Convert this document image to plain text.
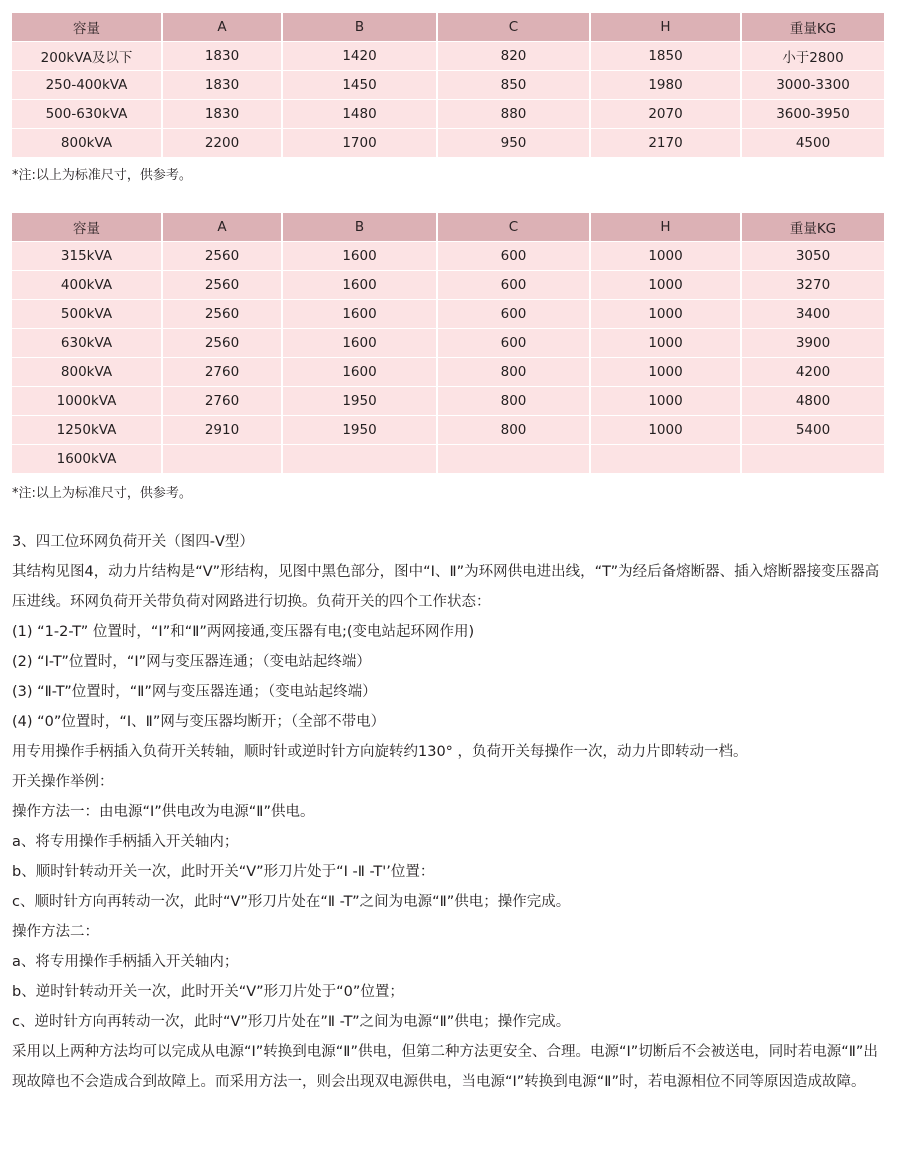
容量	A	B	C	H	重量KG
200kVA及以下	1830	1420	820	1850	小于2800
250-400kVA	1830	1450	850	1980	3000-3300
500-630kVA	1830	1480	880	2070	3600-3950
800kVA	2200	1700	950	2170	4500
*注:以上为标准尺寸，供参考。
容量	A	B	C	H	重量KG
315kVA	2560	1600	600	1000	3050
400kVA	2560	1600	600	1000	3270
500kVA	2560	1600	600	1000	3400
630kVA	2560	1600	600	1000	3900
800kVA	2760	1600	800	1000	4200
1000kVA	2760	1950	800	1000	4800
1250kVA	2910	1950	800	1000	5400
1600kVA					
*注:以上为标准尺寸，供参考。

3、四工位环网负荷开关（图四-V型）

其结构见图4，动力片结构是“V”形结构，见图中黑色部分，图中“Ⅰ、Ⅱ”为环网供电进出线，“T”为经后备熔断器、插入熔断器接变压器高压进线。环网负荷开关带负荷对网路进行切换。负荷开关的四个工作状态：

(1) “1-2-T” 位置时，“Ⅰ”和“Ⅱ”两网接通,变压器有电;(变电站起环网作用)

(2) “Ⅰ-T”位置时，“Ⅰ”网与变压器连通；（变电站起终端）

(3) “Ⅱ-T”位置时，“Ⅱ”网与变压器连通；（变电站起终端）

(4) “0”位置时，“Ⅰ、Ⅱ”网与变压器均断开；（全部不带电）

用专用操作手柄插入负荷开关转轴，顺时针或逆时针方向旋转约130° ，负荷开关每操作一次，动力片即转动一档。

开关操作举例：

操作方法一：由电源“Ⅰ”供电改为电源“Ⅱ”供电。

a、将专用操作手柄插入开关轴内；

b、顺时针转动开关一次，此时开关“V”形刀片处于“Ⅰ -Ⅱ -T'’位置：

c、顺时针方向再转动一次，此时“V”形刀片处在“Ⅱ -T”之间为电源“Ⅱ”供电；操作完成。

操作方法二：

a、将专用操作手柄插入开关轴内；

b、逆时针转动开关一次，此时开关“V”形刀片处于“0”位置；

c、逆时针方向再转动一次，此时“V”形刀片处在”Ⅱ -T”之间为电源“Ⅱ”供电；操作完成。

采用以上两种方法均可以完成从电源“Ⅰ”转换到电源“Ⅱ”供电，但第二种方法更安全、合理。电源“Ⅰ”切断后不会被送电，同时若电源“Ⅱ”出现故障也不会造成合到故障上。而采用方法一，则会出现双电源供电，当电源“Ⅰ”转换到电源“Ⅱ”时，若电源相位不同等原因造成故障。
